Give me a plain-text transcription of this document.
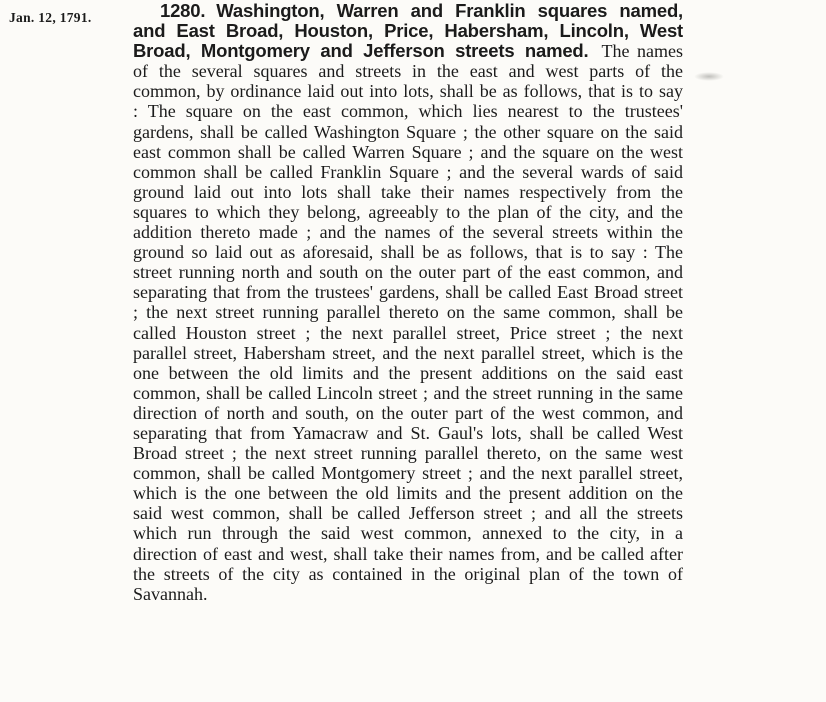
Jan. 12, 1791.	1280. Washington, Warren and Franklin squares named, and East Broad, Houston, Price, Habersham, Lincoln, West Broad, Montgomery and Jefferson streets named. The names of the several squares and streets in the east and west parts of the common, by ordinance laid out into lots, shall be as follows, that is to say : The square on the east common, which lies nearest to the trustees' gardens, shall be called Washington Square ; the other square on the said east common shall be called Warren Square ; and the square on the west common shall be called Franklin Square ; and the several wards of said ground laid out into lots shall take their names respectively from the squares to which they belong, agreeably to the plan of the city, and the addition thereto made ; and the names of the several streets within the ground so laid out as aforesaid, shall be as follows, that is to say : The street running north and south on the outer part of the east common, and separating that from the trustees' gardens, shall be called East Broad street ; the next street running parallel thereto on the same common, shall be called Houston street ; the next parallel street, Price street ; the next parallel street, Habersham street, and the next parallel street, which is the one between the old limits and the present additions on the said east common, shall be called Lincoln street ; and the street running in the same direction of north and south, on the outer part of the west common, and separating that from Yamacraw and St. Gaul's lots, shall be called West Broad street ; the next street running parallel thereto, on the same west common, shall be called Montgomery street ; and the next parallel street, which is the one between the old limits and the present addition on the said west common, shall be called Jefferson street ; and all the streets which run through the said west common, annexed to the city, in a direction of east and west, shall take their names from, and be called after the streets of the city as contained in the original plan of the town of Savannah.
